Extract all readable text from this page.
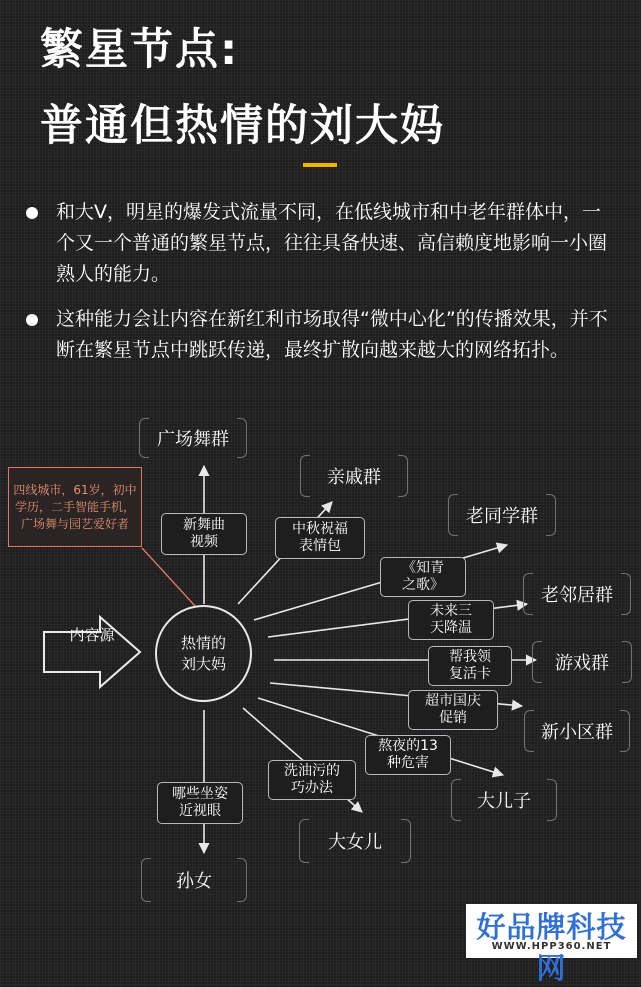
繁星节点:
普通但热情的刘大妈
和大V，明星的爆发式流量不同，在低线城市和中老年群体中，一个又一个普通的繁星节点，往往具备快速、高信赖度地影响一小圈熟人的能力。
这种能力会让内容在新红利市场取得“微中心化”的传播效果，并不断在繁星节点中跳跃传递，最终扩散向越来越大的网络拓扑。
广场舞群
亲戚群
老同学群
老邻居群
游戏群
新小区群
大儿子
大女儿
孙女
新舞曲
视频
中秋祝福
表情包
《知青
之歌》
未来三
天降温
帮我领
复活卡
超市国庆
促销
熬夜的13
种危害
洗油污的
巧办法
哪些坐姿
近视眼
四线城市，61岁，初中学历，二手智能手机，广场舞与园艺爱好者
内容源	热情的
刘大妈
好品牌科技网
WWW.HPP360.NET
